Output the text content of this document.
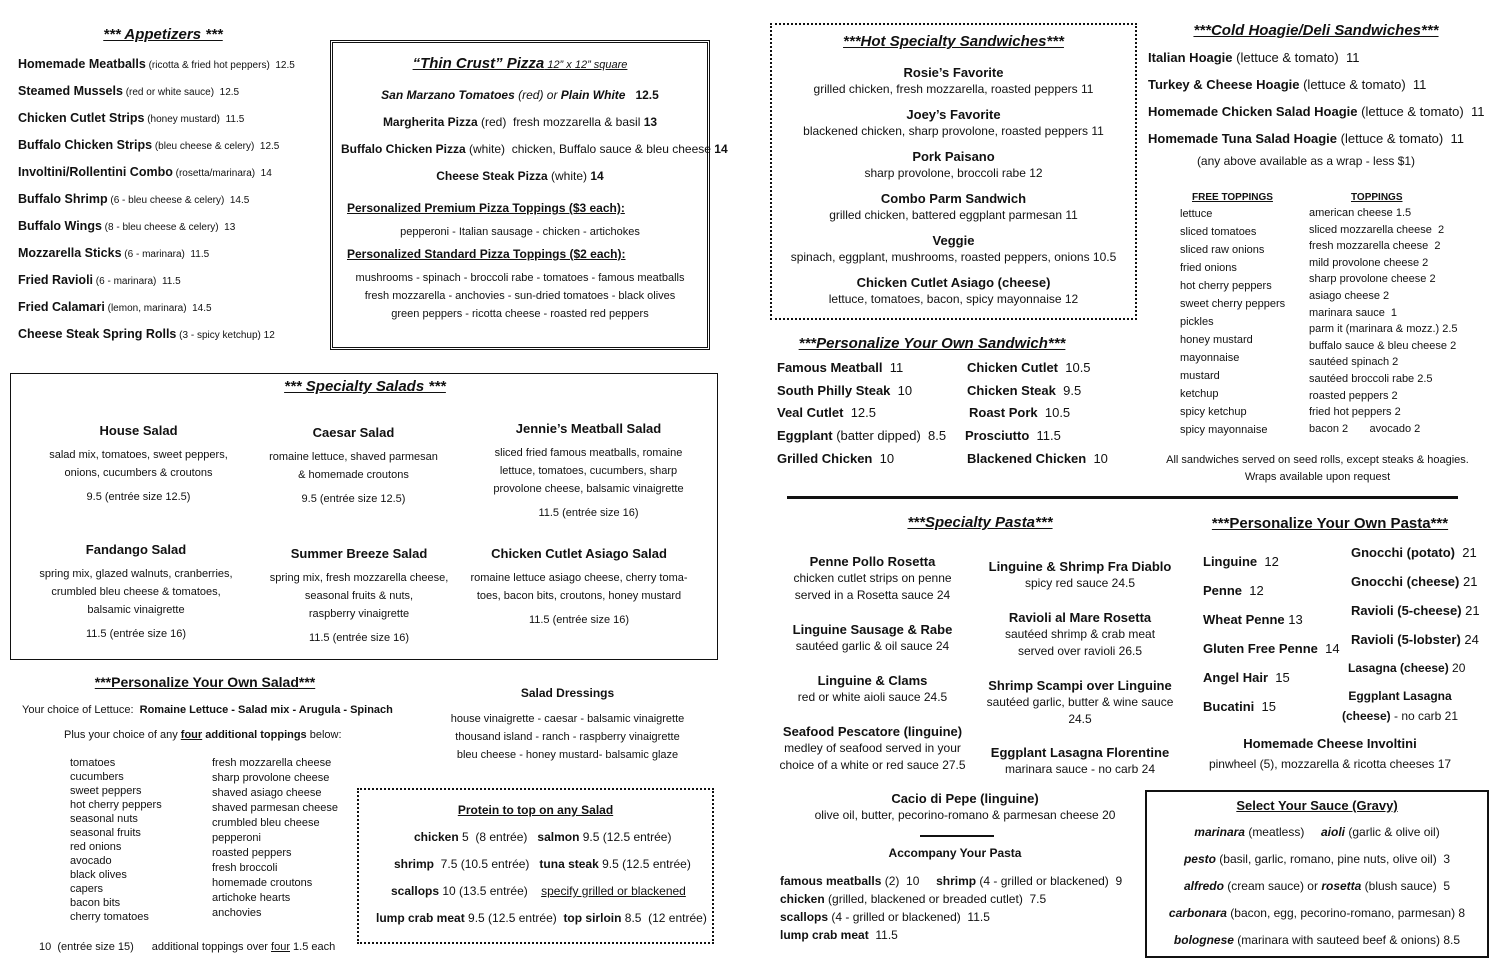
*** Appetizers ***
Homemade Meatballs (ricotta & fried hot peppers)  12.5
Steamed Mussels (red or white sauce)  12.5
Chicken Cutlet Strips (honey mustard)  11.5
Buffalo Chicken Strips (bleu cheese & celery)  12.5
Involtini/Rollentini Combo (rosetta/marinara)  14
Buffalo Shrimp (6 - bleu cheese & celery)  14.5
Buffalo Wings (8 - bleu cheese & celery)  13
Mozzarella Sticks (6 - marinara)  11.5
Fried Ravioli (6 - marinara)  11.5
Fried Calamari (lemon, marinara)  14.5
Cheese Steak Spring Rolls (3 - spicy ketchup) 12
“Thin Crust” Pizza 12” x 12” square
San Marzano Tomatoes (red) or Plain White   12.5
Margherita Pizza (red)  fresh mozzarella & basil 13
Buffalo Chicken Pizza (white)  chicken, Buffalo sauce & bleu cheese 14
Cheese Steak Pizza (white) 14
Personalized Premium Pizza Toppings ($3 each):
pepperoni - Italian sausage - chicken - artichokes
Personalized Standard Pizza Toppings ($2 each):
mushrooms - spinach - broccoli rabe - tomatoes - famous meatballs
fresh mozzarella - anchovies - sun-dried tomatoes - black olives
green peppers - ricotta cheese - roasted red peppers
*** Specialty Salads ***
House Salad
salad mix, tomatoes, sweet peppers,
onions, cucumbers & croutons
9.5 (entrée size 12.5)
Caesar Salad
romaine lettuce, shaved parmesan
& homemade croutons
9.5 (entrée size 12.5)
Jennie’s Meatball Salad
sliced fried famous meatballs, romaine
lettuce, tomatoes, cucumbers, sharp
provolone cheese, balsamic vinaigrette
11.5 (entrée size 16)
Fandango Salad
spring mix, glazed walnuts, cranberries,
crumbled bleu cheese & tomatoes,
balsamic vinaigrette
11.5 (entrée size 16)
Summer Breeze Salad
spring mix, fresh mozzarella cheese,
seasonal fruits & nuts,
raspberry vinaigrette
11.5 (entrée size 16)
Chicken Cutlet Asiago Salad
romaine lettuce asiago cheese, cherry toma-
toes, bacon bits, croutons, honey mustard
11.5 (entrée size 16)
***Personalize Your Own Salad***
Your choice of Lettuce:  Romaine Lettuce - Salad mix - Arugula - Spinach
Plus your choice of any four additional toppings below:
tomatoes
cucumbers
sweet peppers
hot cherry peppers
seasonal nuts
seasonal fruits
red onions
avocado
black olives
capers
bacon bits
cherry tomatoes
fresh mozzarella cheese
sharp provolone cheese
shaved asiago cheese
shaved parmesan cheese
crumbled bleu cheese
pepperoni
roasted peppers
fresh broccoli
homemade croutons
artichoke hearts
anchovies
10  (entrée size 15) additional toppings over four 1.5 each
Salad Dressings
house vinaigrette - caesar - balsamic vinaigrette
thousand island - ranch - raspberry vinaigrette
bleu cheese - honey mustard- balsamic glaze
Protein to top on any Salad
chicken 5  (8 entrée)   salmon 9.5 (12.5 entrée)
shrimp  7.5 (10.5 entrée)   tuna steak 9.5 (12.5 entrée)
scallops 10 (13.5 entrée)    specify grilled or blackened
lump crab meat 9.5 (12.5 entrée)  top sirloin 8.5  (12 entrée)
***Hot Specialty Sandwiches***
Rosie’s Favorite
grilled chicken, fresh mozzarella, roasted peppers 11
Joey’s Favorite
blackened chicken, sharp provolone, roasted peppers 11
Pork Paisano
sharp provolone, broccoli rabe 12
Combo Parm Sandwich
grilled chicken, battered eggplant parmesan 11
Veggie
spinach, eggplant, mushrooms, roasted peppers, onions 10.5
Chicken Cutlet Asiago (cheese)
lettuce, tomatoes, bacon, spicy mayonnaise 12
***Cold Hoagie/Deli Sandwiches***
Italian Hoagie (lettuce & tomato)  11
Turkey & Cheese Hoagie (lettuce & tomato)  11
Homemade Chicken Salad Hoagie (lettuce & tomato)  11
Homemade Tuna Salad Hoagie (lettuce & tomato)  11
(any above available as a wrap - less $1)
FREE TOPPINGS
lettuce
sliced tomatoes
sliced raw onions
fried onions
hot cherry peppers
sweet cherry peppers
pickles
honey mustard
mayonnaise
mustard
ketchup
spicy ketchup
spicy mayonnaise
TOPPINGS
american cheese 1.5
sliced mozzarella cheese  2
fresh mozzarella cheese  2
mild provolone cheese 2
sharp provolone cheese 2
asiago cheese 2
marinara sauce  1
parm it (marinara & mozz.) 2.5
buffalo sauce & bleu cheese 2
sautéed spinach 2
sautéed broccoli rabe 2.5
roasted peppers 2
fried hot peppers 2
bacon 2       avocado 2
All sandwiches served on seed rolls, except steaks & hoagies.
Wraps available upon request
***Personalize Your Own Sandwich***
Famous Meatball  11
South Philly Steak  10
Veal Cutlet  12.5
Eggplant (batter dipped)  8.5
Grilled Chicken  10
Chicken Cutlet  10.5
Chicken Steak  9.5
Roast Pork  10.5
Prosciutto  11.5
Blackened Chicken  10
***Specialty Pasta***
Penne Pollo Rosetta
chicken cutlet strips on penne
served in a Rosetta sauce 24
Linguine Sausage & Rabe
sautéed garlic & oil sauce 24
Linguine & Clams
red or white aioli sauce 24.5
Seafood Pescatore (linguine)
medley of seafood served in your
choice of a white or red sauce 27.5
Linguine & Shrimp Fra Diablo
spicy red sauce 24.5
Ravioli al Mare Rosetta
sautéed shrimp & crab meat
served over ravioli 26.5
Shrimp Scampi over Linguine
sautéed garlic, butter & wine sauce
24.5
Eggplant Lasagna Florentine
marinara sauce - no carb 24
Cacio di Pepe (linguine)
olive oil, butter, pecorino-romano & parmesan cheese 20
Accompany Your Pasta
famous meatballs (2)  10     shrimp (4 - grilled or blackened)  9
chicken (grilled, blackened or breaded cutlet)  7.5
scallops (4 - grilled or blackened)  11.5
lump crab meat  11.5
***Personalize Your Own Pasta***
Linguine  12
Penne  12
Wheat Penne 13
Gluten Free Penne  14
Angel Hair  15
Bucatini  15
Gnocchi (potato)  21
Gnocchi (cheese) 21
Ravioli (5-cheese) 21
Ravioli (5-lobster) 24
Lasagna (cheese) 20
Eggplant Lasagna
(cheese) - no carb 21
Homemade Cheese Involtini
pinwheel (5), mozzarella & ricotta cheeses 17
Select Your Sauce (Gravy)
marinara (meatless)     aioli (garlic & olive oil)
pesto (basil, garlic, romano, pine nuts, olive oil)  3
alfredo (cream sauce) or rosetta (blush sauce)  5
carbonara (bacon, egg, pecorino-romano, parmesan) 8
bolognese (marinara with sauteed beef & onions) 8.5
